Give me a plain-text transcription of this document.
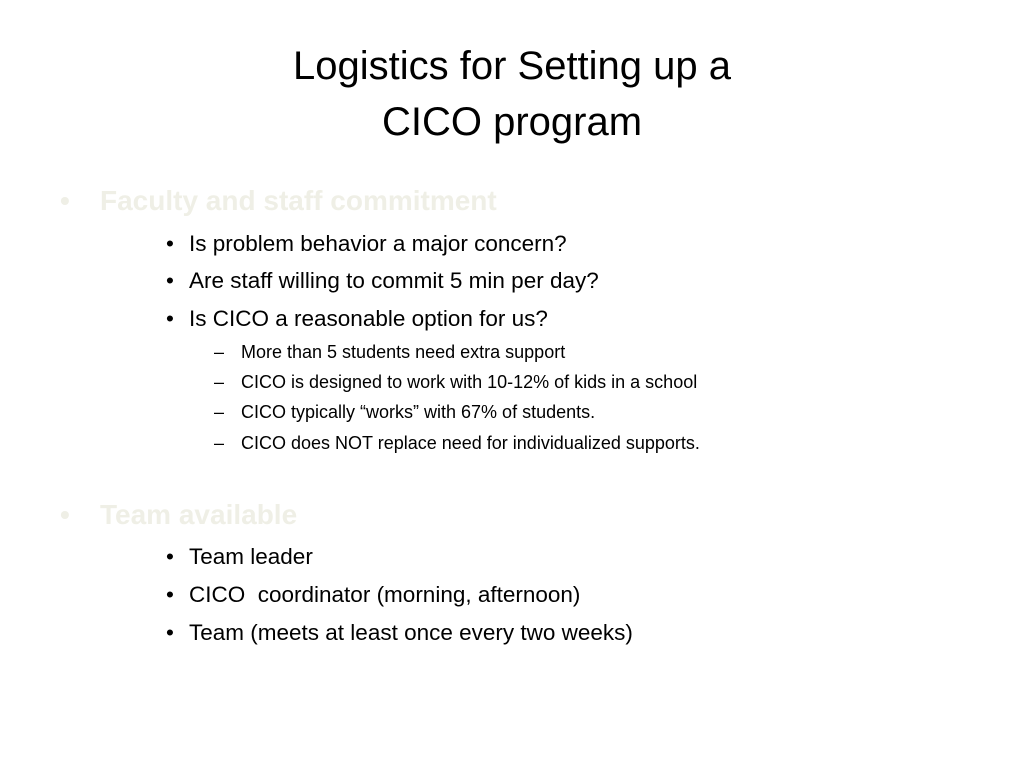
Logistics for Setting up a
CICO program
• Faculty and staff commitment
• Is problem behavior a major concern?
• Are staff willing to commit 5 min per day?
• Is CICO a reasonable option for us?
– More than 5 students need extra support
– CICO is designed to work with 10-12% of kids in a school
– CICO typically “works” with 67% of students.
– CICO does NOT replace need for individualized supports.
• Team available
• Team leader
• CICO  coordinator (morning, afternoon)
• Team (meets at least once every two weeks)
